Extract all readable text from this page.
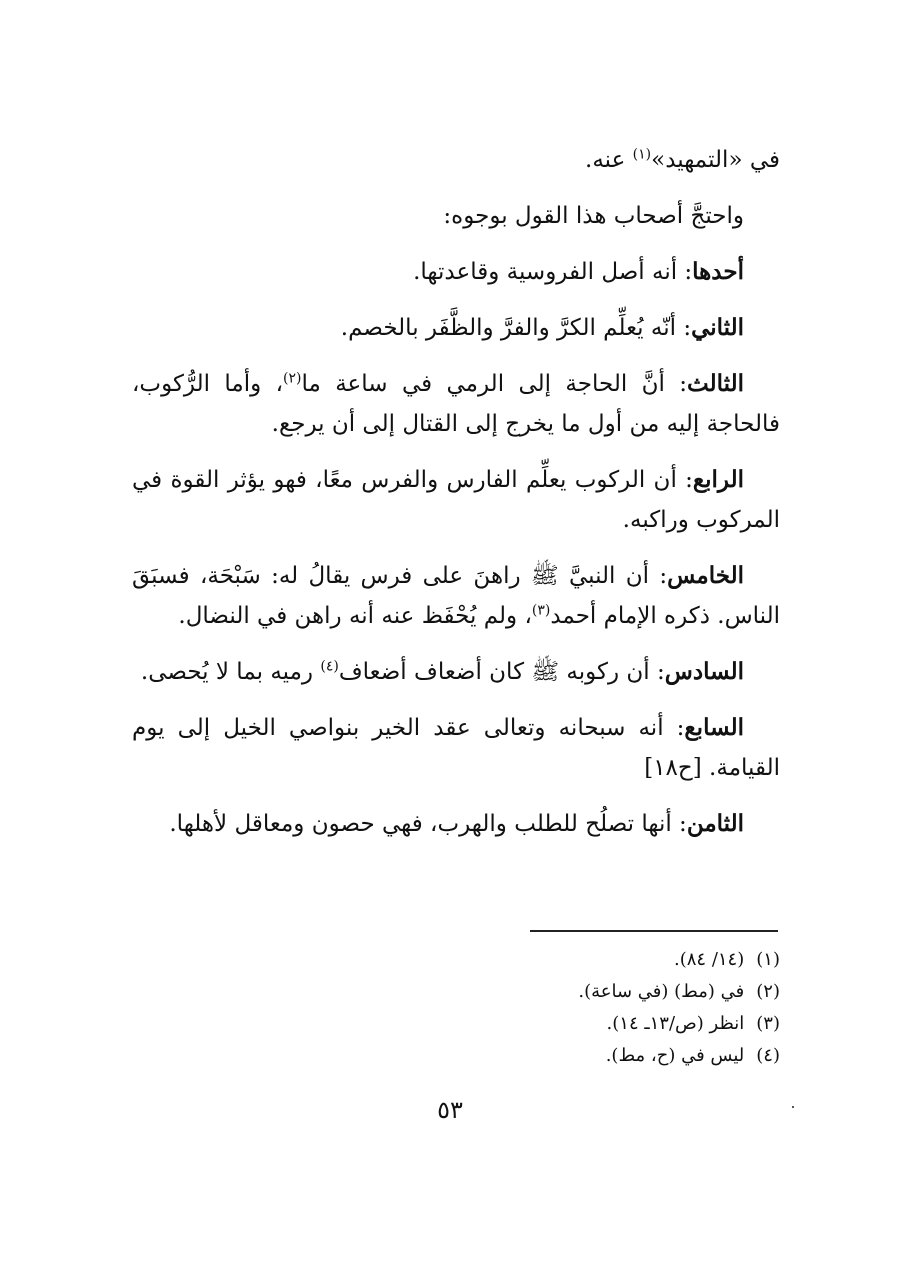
في «التمهيد»$^{(١)}$ عنه.

واحتجَّ أصحاب هذا القول بوجوه:

أحدها: أنه أصل الفروسية وقاعدتها.

الثاني: أنّه يُعلِّم الكرَّ والفرَّ والظَّفَر بالخصم.

الثالث: أنَّ الحاجة إلى الرمي في ساعة ما$^{(٢)}$، وأما الرُّكوب، فالحاجة إليه من أول ما يخرج إلى القتال إلى أن يرجع.

الرابع: أن الركوب يعلِّم الفارس والفرس معًا، فهو يؤثر القوة في المركوب وراكبه.

الخامس: أن النبيَّ ﷺ راهنَ على فرس يقالُ له: سَبْحَة، فسبَقَ الناس. ذكره الإمام أحمد$^{(٣)}$، ولم يُحْفَظ عنه أنه راهن في النضال.

السادس: أن ركوبه ﷺ كان أضعاف أضعاف$^{(٤)}$ رميه بما لا يُحصى.

السابع: أنه سبحانه وتعالى عقد الخير بنواصي الخيل إلى يوم القيامة. [ح١٨]

الثامن: أنها تصلُح للطلب والهرب، فهي حصون ومعاقل لأهلها.

(١)(١٤/ ٨٤).

(٢)في (مط) (في ساعة).

(٣)انظر (ص/١٣ـ ١٤).

(٤)ليس في (ح، مط).

٥٣
